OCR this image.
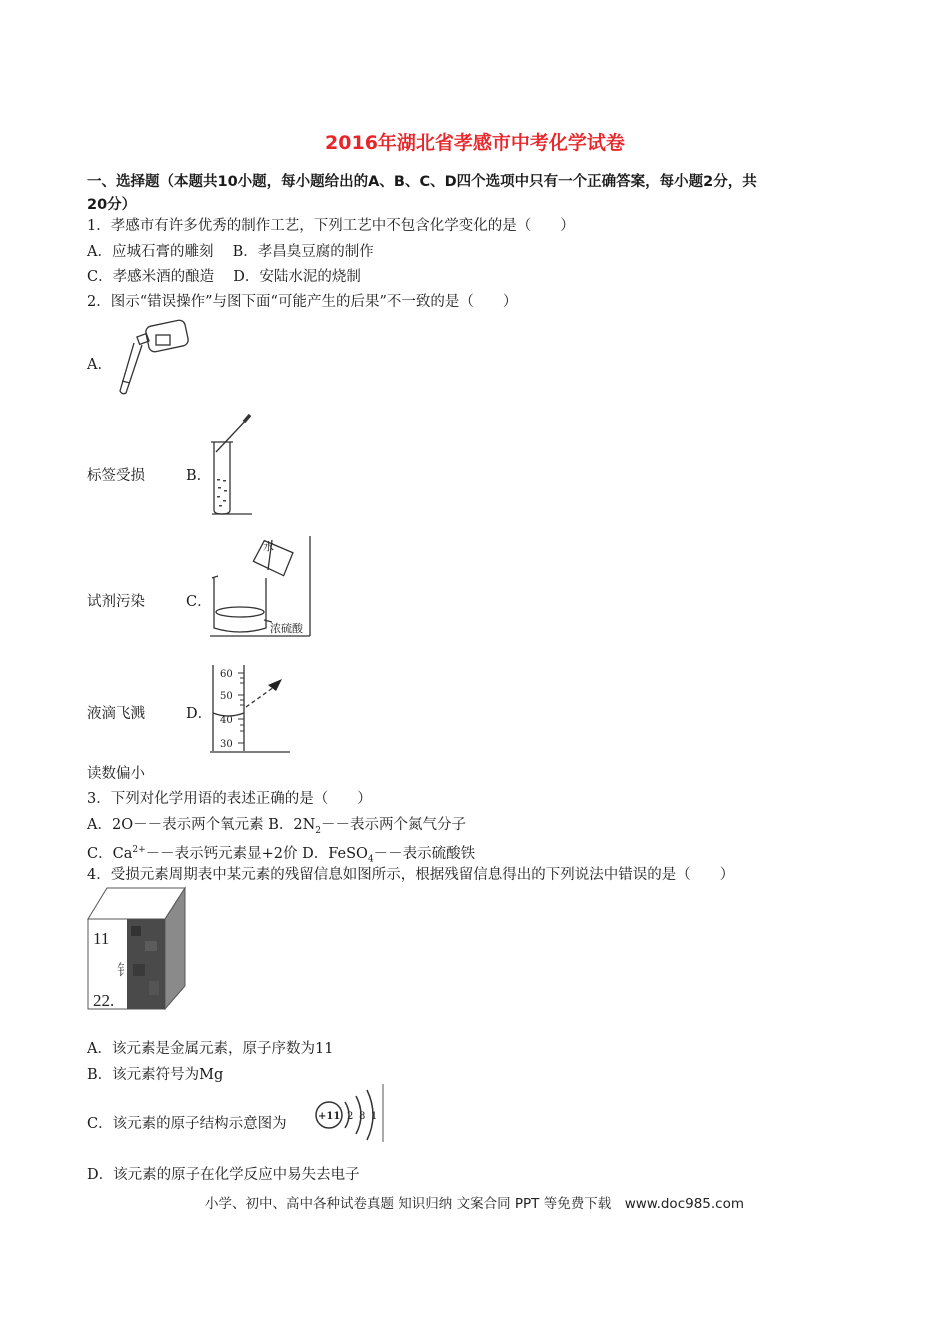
2016年湖北省孝感市中考化学试卷
一、选择题（本题共10小题，每小题给出的A、B、C、D四个选项中只有一个正确答案，每小题2分，共
20分）
1．孝感市有许多优秀的制作工艺，下列工艺中不包含化学变化的是（　　）
A．应城石膏的雕刻　 B．孝昌臭豆腐的制作
C．孝感米酒的酿造　 D．安陆水泥的烧制
2．图示“错误操作”与图下面“可能产生的后果”不一致的是（　　）
A．
标签受损	B．
试剂污染	C．
水
浓硫酸
液滴飞溅	D．
60
50
40
30
读数偏小
3．下列对化学用语的表述正确的是（　　）
A．2O－－表示两个氧元素 B．$2N_2--$表示两个氮气分子
C．$Ca^{2+}--$表示钙元素显+2价 D．FeSO$_4$－－表示硫酸铁
4．受损元素周期表中某元素的残留信息如图所示，根据残留信息得出的下列说法中错误的是（　　）
11
钅
22.
A．该元素是金属元素，原子序数为11
B．该元素符号为Mg
C．该元素的原子结构示意图为	+11 2 8 1
D．该元素的原子在化学反应中易失去电子
小学、初中、高中各种试卷真题 知识归纳 文案合同 PPT 等免费下载　www.doc985.com
